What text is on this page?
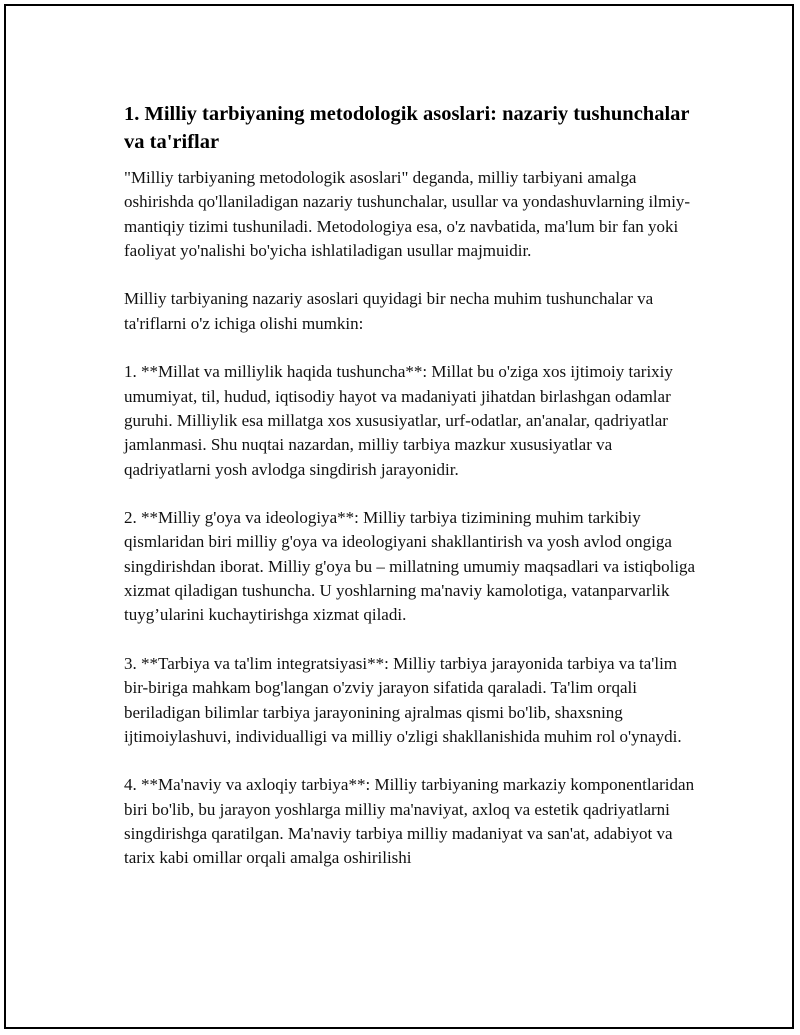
1. Milliy tarbiyaning metodologik asoslari: nazariy tushunchalar va ta'riflar

"Milliy tarbiyaning metodologik asoslari" deganda, milliy tarbiyani amalga oshirishda qo'llaniladigan nazariy tushunchalar, usullar va yondashuvlarning ilmiy-mantiqiy tizimi tushuniladi. Metodologiya esa, o'z navbatida, ma'lum bir fan yoki faoliyat yo'nalishi bo'yicha ishlatiladigan usullar majmuidir.

Milliy tarbiyaning nazariy asoslari quyidagi bir necha muhim tushunchalar va ta'riflarni o'z ichiga olishi mumkin:

1. **Millat va milliylik haqida tushuncha**: Millat bu o'ziga xos ijtimoiy tarixiy umumiyat, til, hudud, iqtisodiy hayot va madaniyati jihatdan birlashgan odamlar guruhi. Milliylik esa millatga xos xususiyatlar, urf-odatlar, an'analar, qadriyatlar jamlanmasi. Shu nuqtai nazardan, milliy tarbiya mazkur xususiyatlar va qadriyatlarni yosh avlodga singdirish jarayonidir.

2. **Milliy g'oya va ideologiya**: Milliy tarbiya tizimining muhim tarkibiy qismlaridan biri milliy g'oya va ideologiyani shakllantirish va yosh avlod ongiga singdirishdan iborat. Milliy g'oya bu – millatning umumiy maqsadlari va istiqboliga xizmat qiladigan tushuncha. U yoshlarning ma'naviy kamolotiga, vatanparvarlik tuyg’ularini kuchaytirishga xizmat qiladi.

3. **Tarbiya va ta'lim integratsiyasi**: Milliy tarbiya jarayonida tarbiya va ta'lim bir-biriga mahkam bog'langan o'zviy jarayon sifatida qaraladi. Ta'lim orqali beriladigan bilimlar tarbiya jarayonining ajralmas qismi bo'lib, shaxsning ijtimoiylashuvi, individualligi va milliy o'zligi shakllanishida muhim rol o'ynaydi.

4. **Ma'naviy va axloqiy tarbiya**: Milliy tarbiyaning markaziy komponentlaridan biri bo'lib, bu jarayon yoshlarga milliy ma'naviyat, axloq va estetik qadriyatlarni singdirishga qaratilgan. Ma'naviy tarbiya milliy madaniyat va san'at, adabiyot va tarix kabi omillar orqali amalga oshirilishi
